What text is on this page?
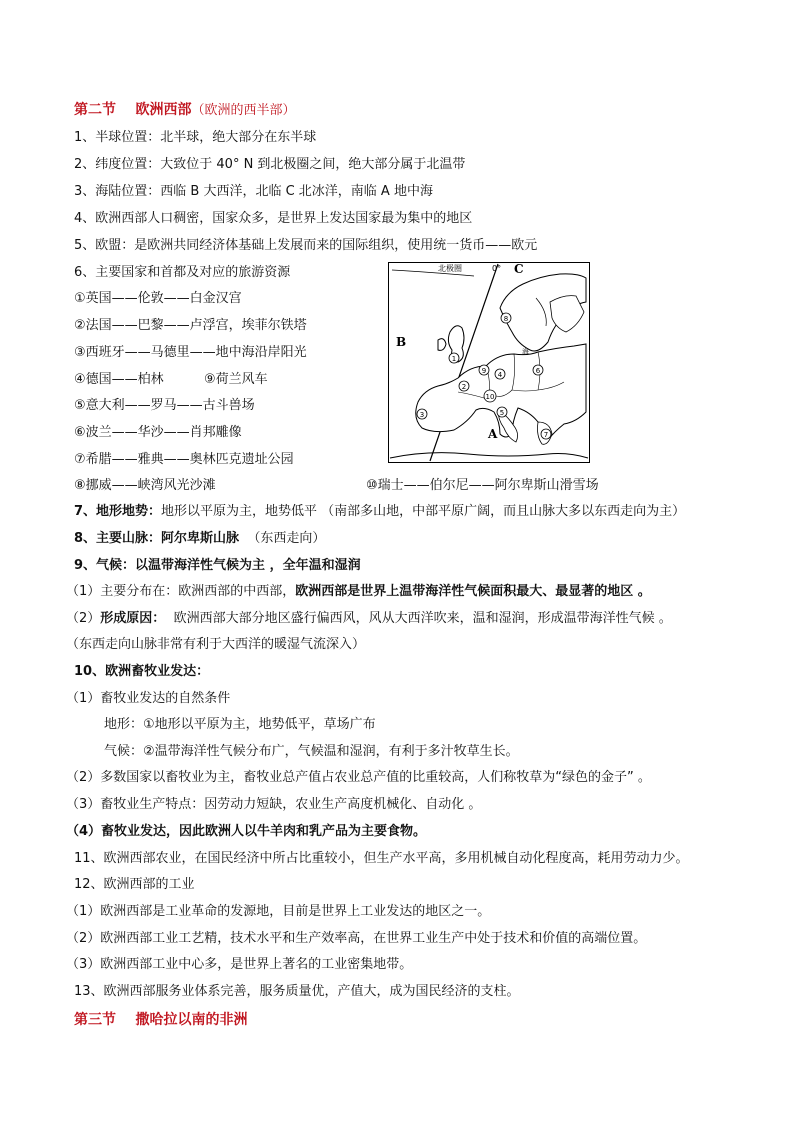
第二节 欧洲西部（欧洲的西半部）
1、半球位置：北半球，绝大部分在东半球
2、纬度位置：大致位于 40° N 到北极圈之间，绝大部分属于北温带
3、海陆位置：西临 B 大西洋，北临 C 北冰洋，南临 A 地中海
4、欧洲西部人口稠密，国家众多，是世界上发达国家最为集中的地区
5、欧盟：是欧洲共同经济体基础上发展而来的国际组织，使用统一货币——欧元
6、主要国家和首都及对应的旅游资源
①英国——伦敦——白金汉宫
②法国——巴黎——卢浮宫，埃菲尔铁塔
③西班牙——马德里——地中海沿岸阳光
④德国——柏林	⑨荷兰风车
⑤意大利——罗马——古斗兽场
⑥波兰——华沙——肖邦雕像
⑦希腊——雅典——奥林匹克遗址公园
⑧挪威——峡湾风光沙滩	⑩瑞士——伯尔尼——阿尔卑斯山滑雪场
北极圈	0° C
B
A
海
1
2
3
4
5
6
7
8
9
10
7、地形地势：地形以平原为主，地势低平 （南部多山地，中部平原广阔，而且山脉大多以东西走向为主）
8、主要山脉：阿尔卑斯山脉 （东西走向）
9、气候：以温带海洋性气候为主 ，全年温和湿润
（1）主要分布在：欧洲西部的中西部，欧洲西部是世界上温带海洋性气候面积最大、最显著的地区 。
（2）形成原因： 欧洲西部大部分地区盛行偏西风，风从大西洋吹来，温和湿润，形成温带海洋性气候 。
（东西走向山脉非常有利于大西洋的暖湿气流深入）
10、欧洲畜牧业发达：
（1）畜牧业发达的自然条件
地形：①地形以平原为主，地势低平，草场广布
气候：②温带海洋性气候分布广，气候温和湿润，有利于多汁牧草生长。
（2）多数国家以畜牧业为主，畜牧业总产值占农业总产值的比重较高，人们称牧草为“绿色的金子” 。
（3）畜牧业生产特点：因劳动力短缺，农业生产高度机械化、自动化 。
（4）畜牧业发达，因此欧洲人以牛羊肉和乳产品为主要食物。
11、欧洲西部农业，在国民经济中所占比重较小，但生产水平高，多用机械自动化程度高，耗用劳动力少。
12、欧洲西部的工业
（1）欧洲西部是工业革命的发源地，目前是世界上工业发达的地区之一。
（2）欧洲西部工业工艺精，技术水平和生产效率高，在世界工业生产中处于技术和价值的高端位置。
（3）欧洲西部工业中心多，是世界上著名的工业密集地带。
13、欧洲西部服务业体系完善，服务质量优，产值大，成为国民经济的支柱。
第三节 撒哈拉以南的非洲
